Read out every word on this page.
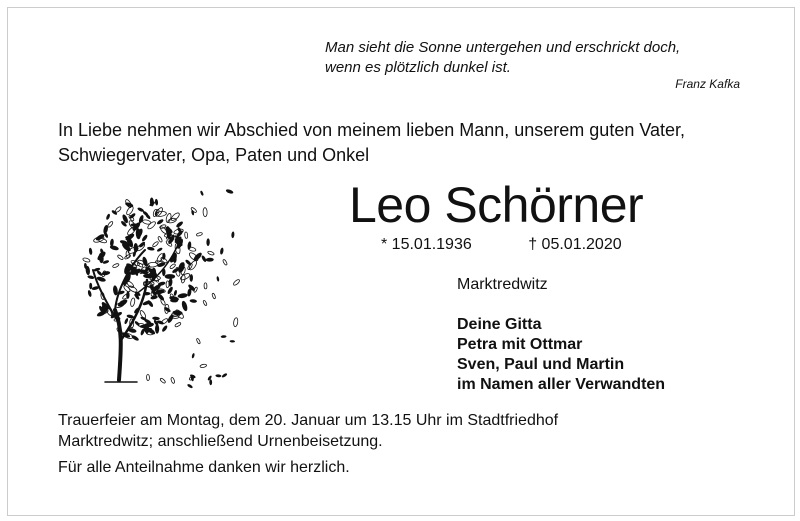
Man sieht die Sonne untergehen und erschrickt doch,
wenn es plötzlich dunkel ist.
Franz Kafka
In Liebe nehmen wir Abschied von meinem lieben Mann, unserem guten Vater,
Schwiegervater, Opa, Paten und Onkel
Leo Schörner
* 15.01.1936	† 05.01.2020
Marktredwitz
Deine Gitta
Petra mit Ottmar
Sven, Paul und Martin
im Namen aller Verwandten
Trauerfeier am Montag, dem 20. Januar um 13.15 Uhr im Stadtfriedhof
Marktredwitz; anschließend Urnenbeisetzung.
Für alle Anteilnahme danken wir herzlich.
